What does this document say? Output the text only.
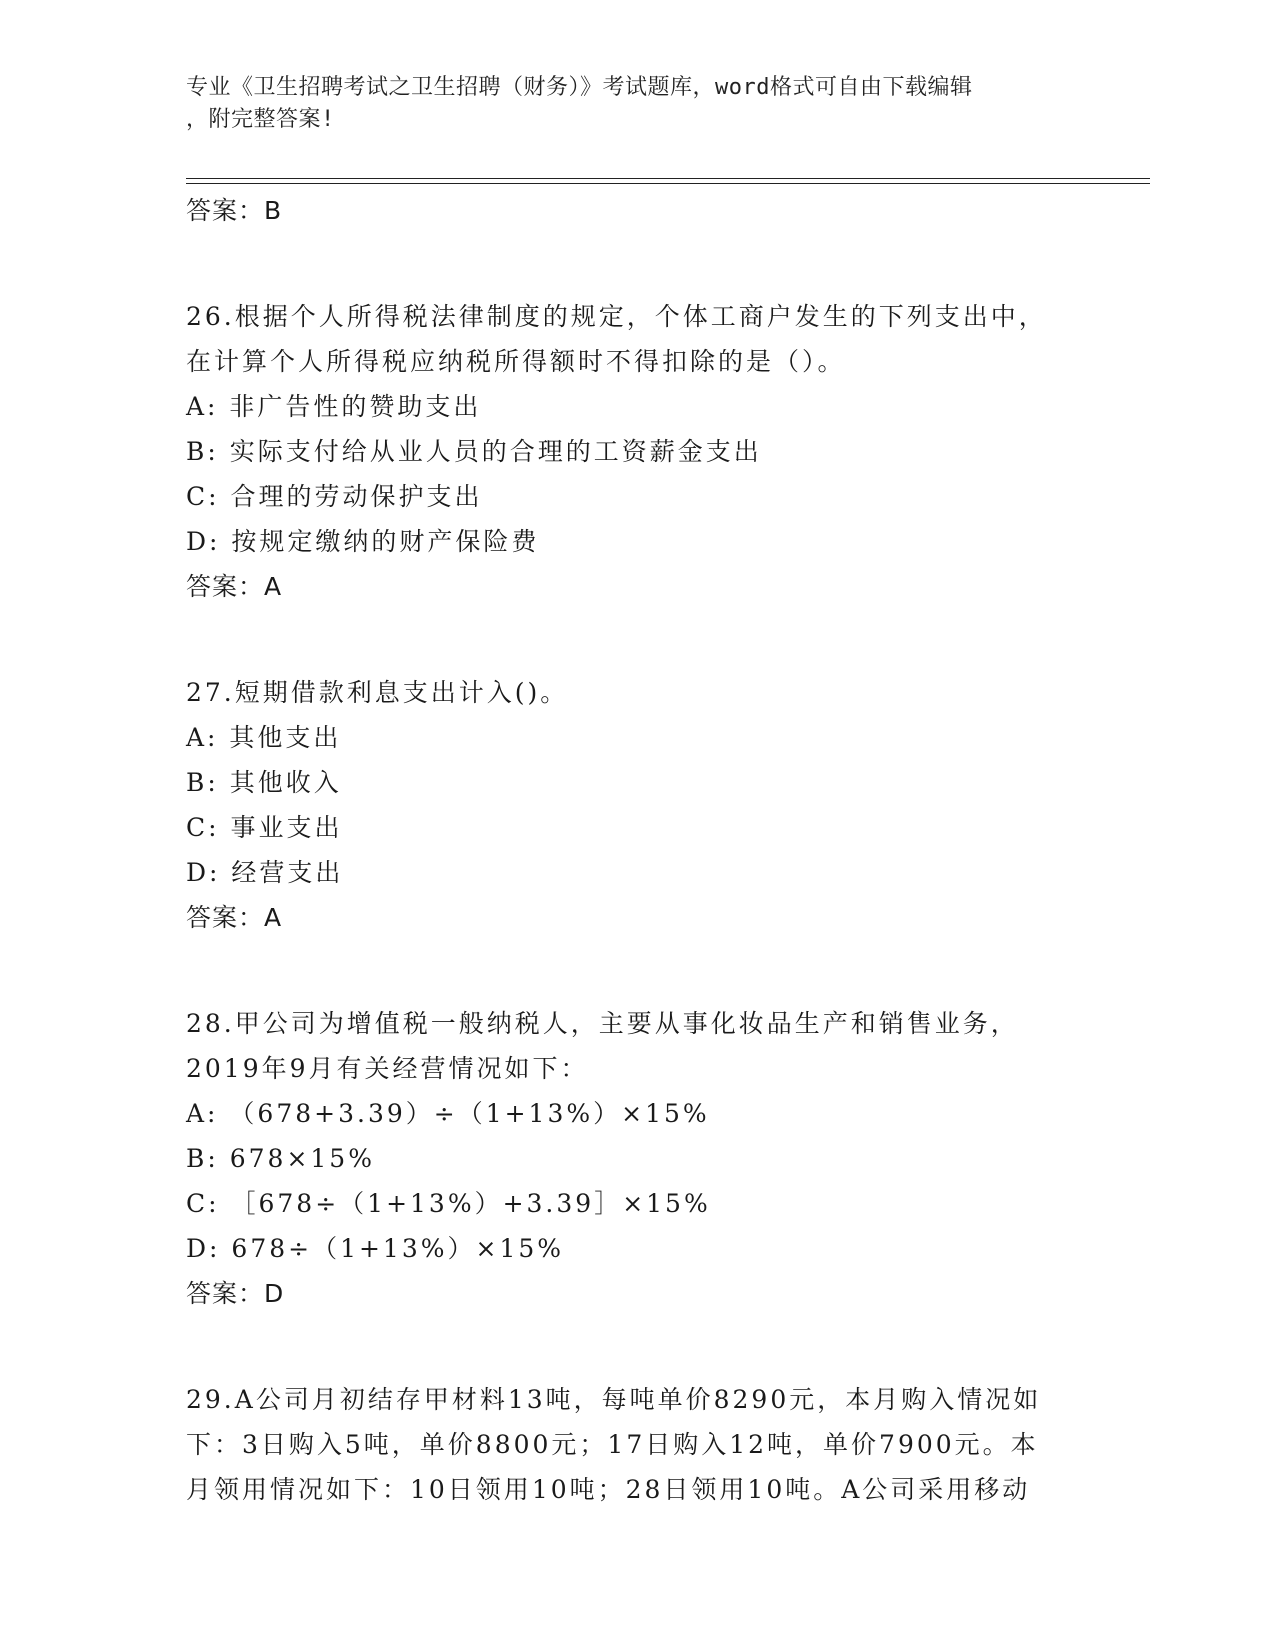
专业《卫生招聘考试之卫生招聘（财务）》考试题库，word格式可自由下载编辑
，附完整答案!

答案：B

26.根据个人所得税法律制度的规定，个体工商户发生的下列支出中，

在计算个人所得税应纳税所得额时不得扣除的是（）。

A: 非广告性的赞助支出

B: 实际支付给从业人员的合理的工资薪金支出

C: 合理的劳动保护支出

D: 按规定缴纳的财产保险费

答案：A

27.短期借款利息支出计入()。

A: 其他支出

B: 其他收入

C: 事业支出

D: 经营支出

答案：A

28.甲公司为增值税一般纳税人，主要从事化妆品生产和销售业务，

2019年9月有关经营情况如下：

A: （678+3.39）÷（1+13%）×15%

B: 678×15%

C: ［678÷（1+13%）+3.39］×15%

D: 678÷（1+13%）×15%

答案：D

29.A公司月初结存甲材料13吨，每吨单价8290元，本月购入情况如

下：3日购入5吨，单价8800元；17日购入12吨，单价7900元。本

月领用情况如下：10日领用10吨；28日领用10吨。A公司采用移动
